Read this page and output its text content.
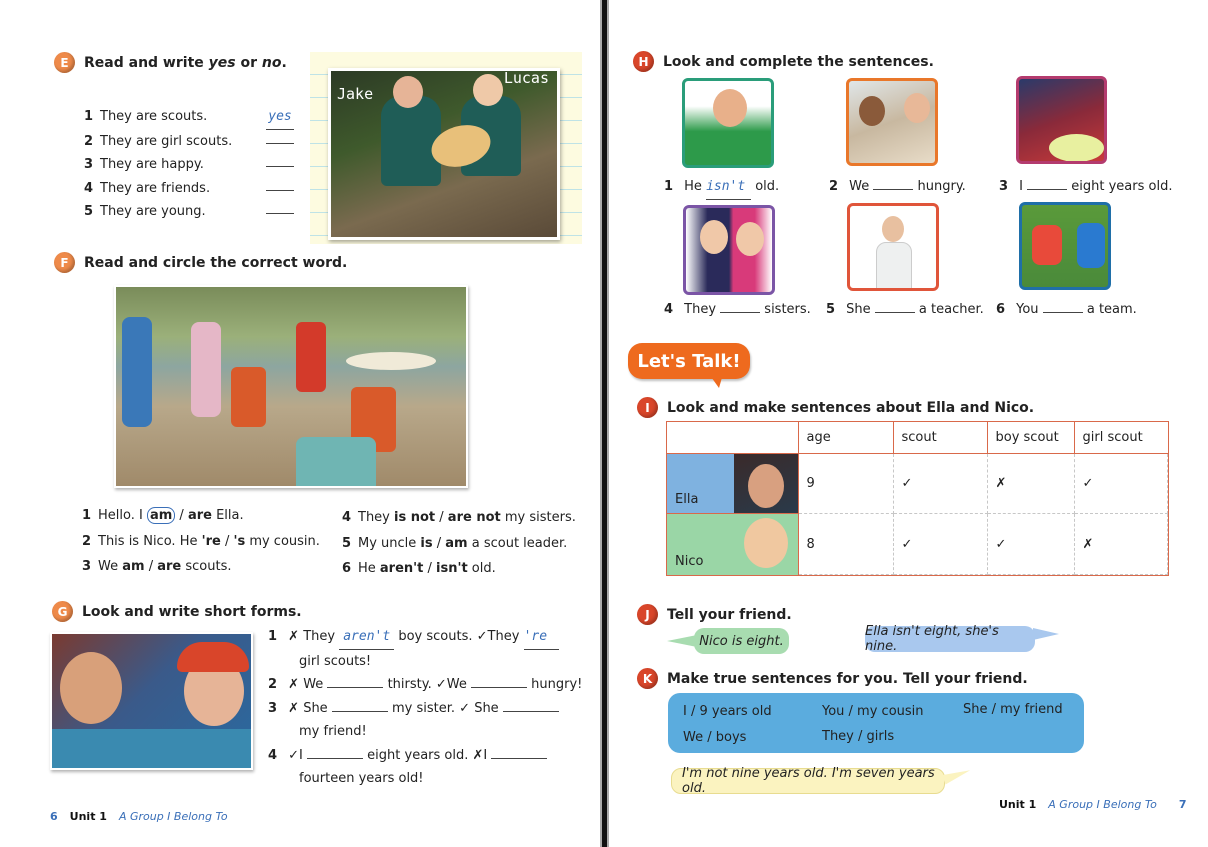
E	Read and write yes or no.
1 They are scouts.	yes
2 They are girl scouts.
3 They are happy.
4 They are friends.
5 They are young.
Jake
Lucas
F	Read and circle the correct word.
1 Hello. I am / are Ella.
2 This is Nico. He 're / 's my cousin.
3 We am / are scouts.
4 They is not / are not my sisters.
5 My uncle is / am a scout leader.
6 He aren't / isn't old.
G	Look and write short forms.
1 ✗ They aren't boy scouts. ✓They 're
girl scouts!
2 ✗ We	thirsty. ✓We	hungry!
3 ✗ She	my sister. ✓ She
my friend!
4 ✓I	eight years old. ✗I
fourteen years old!
6 Unit 1 A Group I Belong To
H	Look and complete the sentences.
1 He isn't old.	2 We	hungry.	3 I	eight years old.
4 They	sisters.	5 She	a teacher. 6 You	a team.
Let's Talk!
I	Look and make sentences about Ella and Nico.
	age	scout	boy scout	girl scout

Ella	9	✓	✗	✓

Nico	8	✓	✓	✗
J	Tell your friend.
Nico is eight.
Ella isn't eight, she's nine.
K	Make true sentences for you. Tell your friend.
I / 9 years old	You / my cousin	She / my friend
We / boys	They / girls
I'm not nine years old. I'm seven years old.
Unit 1 A Group I Belong To 7
